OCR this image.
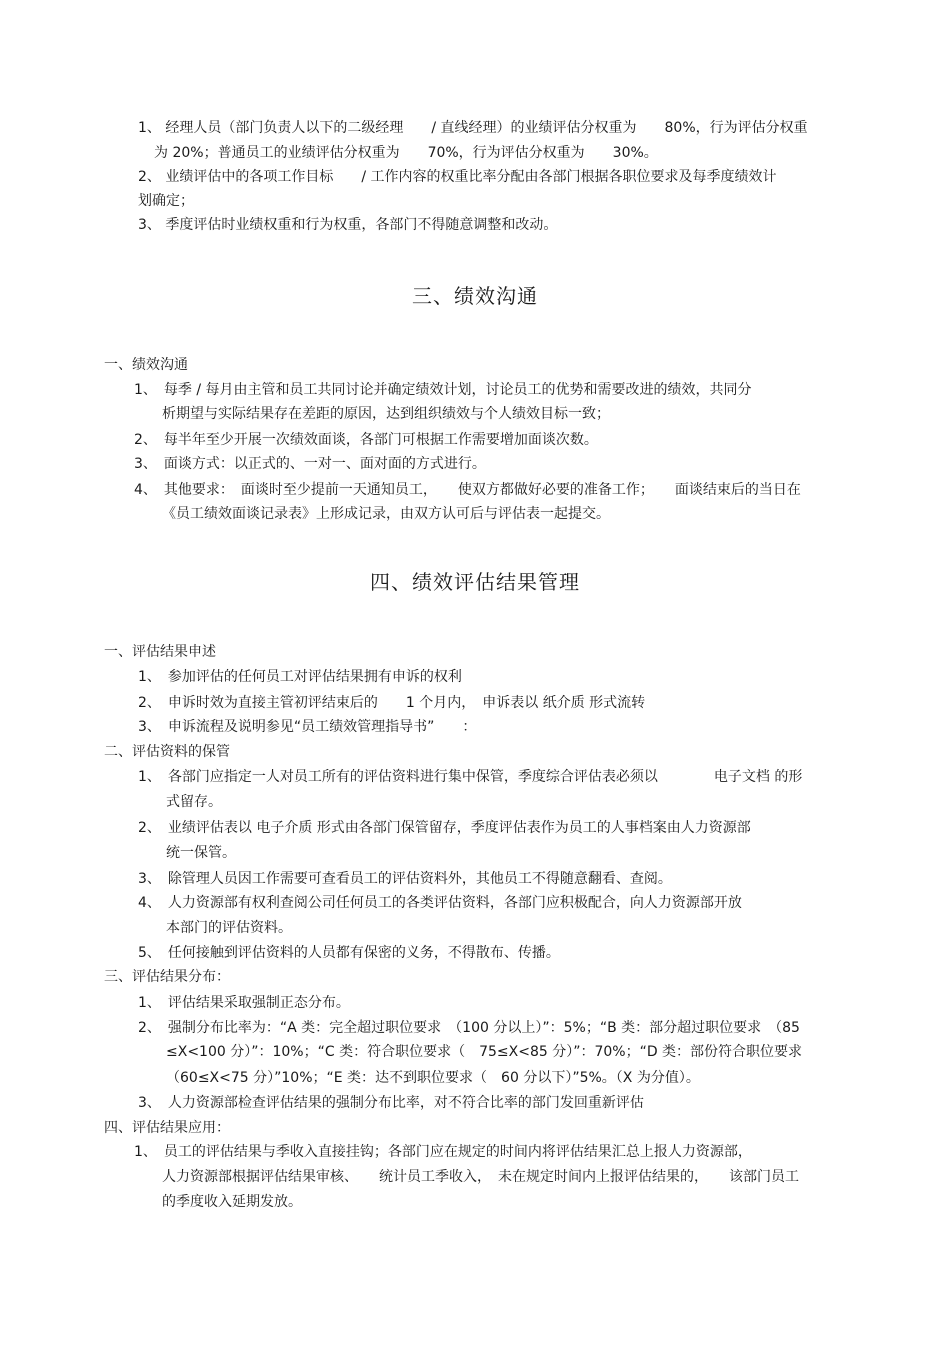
1、 经理人员（部门负责人以下的二级经理　　/ 直线经理）的业绩评估分权重为　　80%，行为评估分权重
为 20%；普通员工的业绩评估分权重为　　70%，行为评估分权重为　　30%。
2、 业绩评估中的各项工作目标　　/ 工作内容的权重比率分配由各部门根据各职位要求及每季度绩效计
划确定；
3、 季度评估时业绩权重和行为权重，各部门不得随意调整和改动。
三、绩效沟通
一、绩效沟通
1、　每季 / 每月由主管和员工共同讨论并确定绩效计划，讨论员工的优势和需要改进的绩效，共同分
析期望与实际结果存在差距的原因，达到组织绩效与个人绩效目标一致；
2、　每半年至少开展一次绩效面谈，各部门可根据工作需要增加面谈次数。
3、　面谈方式：以正式的、一对一、面对面的方式进行。
4、　其他要求：　面谈时至少提前一天通知员工，　　使双方都做好必要的准备工作；　　面谈结束后的当日在
《员工绩效面谈记录表》上形成记录，由双方认可后与评估表一起提交。
四、绩效评估结果管理
一、评估结果申述
1、　参加评估的任何员工对评估结果拥有申诉的权利
2、　申诉时效为直接主管初评结束后的　　1 个月内，　申诉表以 纸介质 形式流转
3、　申诉流程及说明参见“员工绩效管理指导书”　　：
二、评估资料的保管
1、　各部门应指定一人对员工所有的评估资料进行集中保管，季度综合评估表必须以　　　　电子文档 的形
式留存。
2、　业绩评估表以 电子介质 形式由各部门保管留存，季度评估表作为员工的人事档案由人力资源部
统一保管。
3、　除管理人员因工作需要可查看员工的评估资料外，其他员工不得随意翻看、查阅。
4、　人力资源部有权利查阅公司任何员工的各类评估资料，各部门应积极配合，向人力资源部开放
本部门的评估资料。
5、　任何接触到评估资料的人员都有保密的义务，不得散布、传播。
三、评估结果分布：
1、　评估结果采取强制正态分布。
2、　强制分布比率为：“A 类：完全超过职位要求　（100 分以上）”：5%；“B 类：部分超过职位要求　（85
≤X<100 分）”：10%；“C 类：符合职位要求（　75≤X<85 分）”：70%；“D 类：部份符合职位要求
（60≤X<75 分）”10%；“E 类：达不到职位要求（　60 分以下）”5%。（X 为分值）。
3、　人力资源部检查评估结果的强制分布比率，对不符合比率的部门发回重新评估
四、评估结果应用：
1、　员工的评估结果与季收入直接挂钩；各部门应在规定的时间内将评估结果汇总上报人力资源部，
人力资源部根据评估结果审核、　　统计员工季收入，　未在规定时间内上报评估结果的，　　该部门员工
的季度收入延期发放。
